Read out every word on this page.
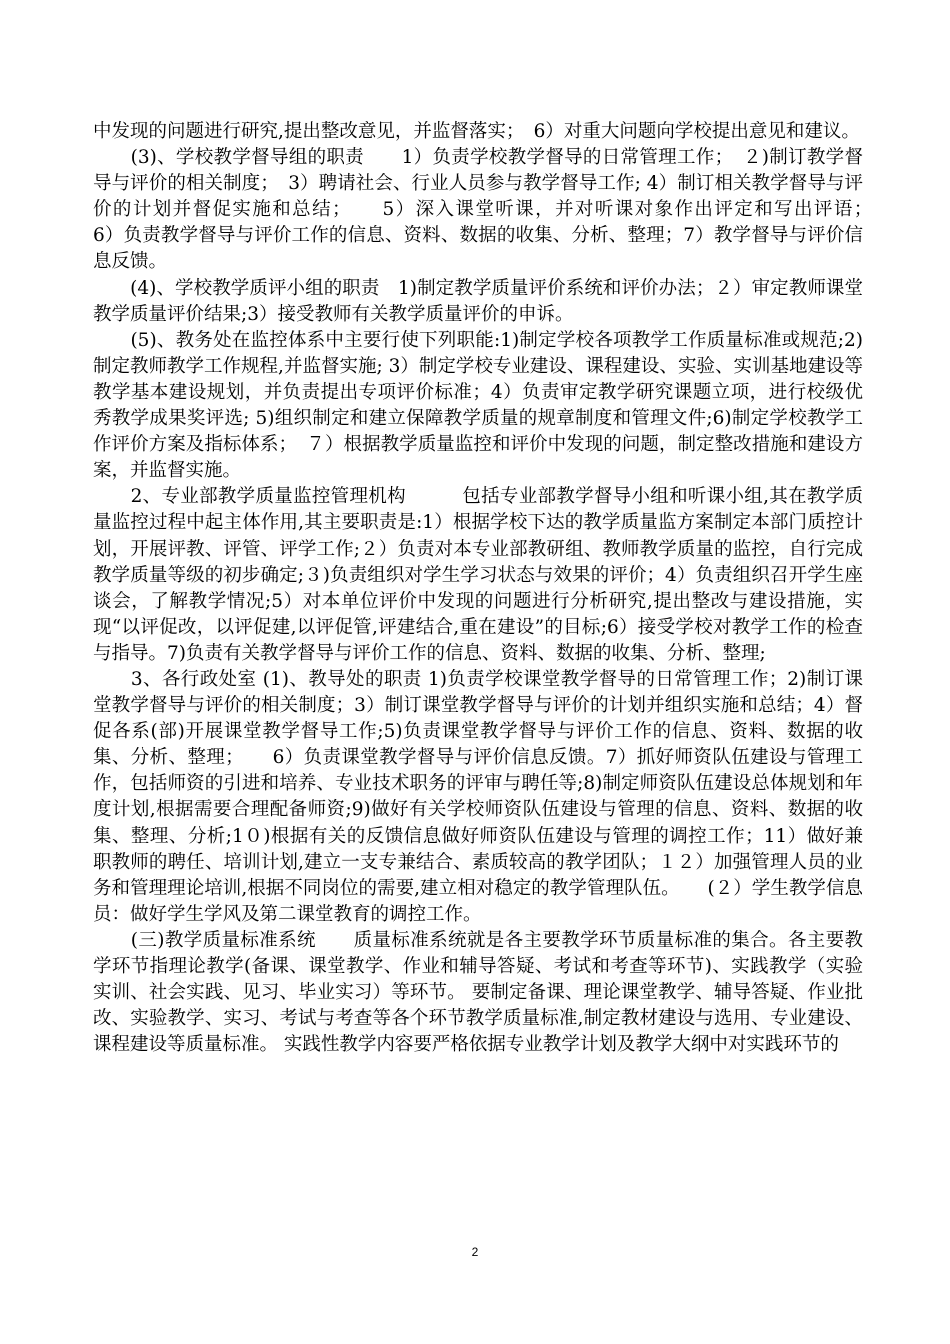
中发现的问题进行研究,提出整改意见，并监督落实；　6）对重大问题向学校提出意见和建议。

　　(3)、学校教学督导组的职责　　1）负责学校教学督导的日常管理工作；　２)制订教学督导与评价的相关制度；　3）聘请社会、行业人员参与教学督导工作; 4）制订相关教学督导与评价的计划并督促实施和总结；　　5）深入课堂听课，并对听课对象作出评定和写出评语；　　6）负责教学督导与评价工作的信息、资料、数据的收集、分析、整理；7）教学督导与评价信息反馈。

　　(4)、学校教学质评小组的职责　1)制定教学质量评价系统和评价办法；２）审定教师课堂教学质量评价结果;3）接受教师有关教学质量评价的申诉。

　　(5)、教务处在监控体系中主要行使下列职能:1)制定学校各项教学工作质量标准或规范;2)制定教师教学工作规程,并监督实施; 3）制定学校专业建设、课程建设、实验、实训基地建设等教学基本建设规划，并负责提出专项评价标准；4）负责审定教学研究课题立项，进行校级优秀教学成果奖评选; 5)组织制定和建立保障教学质量的规章制度和管理文件;6)制定学校教学工作评价方案及指标体系；　７）根据教学质量监控和评价中发现的问题，制定整改措施和建设方案，并监督实施。

　　2、专业部教学质量监控管理机构　　　包括专业部教学督导小组和听课小组,其在教学质量监控过程中起主体作用,其主要职责是:1）根据学校下达的教学质量监方案制定本部门质控计划，开展评教、评管、评学工作;２）负责对本专业部教研组、教师教学质量的监控，自行完成教学质量等级的初步确定;３)负责组织对学生学习状态与效果的评价；4）负责组织召开学生座谈会，了解教学情况;5）对本单位评价中发现的问题进行分析研究,提出整改与建设措施，实现“以评促改，以评促建,以评促管,评建结合,重在建设”的目标;6）接受学校对教学工作的检查与指导。7)负责有关教学督导与评价工作的信息、资料、数据的收集、分析、整理;

　　3、各行政处室 (1)、教导处的职责 1)负责学校课堂教学督导的日常管理工作；2)制订课堂教学督导与评价的相关制度；3）制订课堂教学督导与评价的计划并组织实施和总结；4）督促各系(部)开展课堂教学督导工作;5)负责课堂教学督导与评价工作的信息、资料、数据的收集、分析、整理；　　6）负责课堂教学督导与评价信息反馈。7）抓好师资队伍建设与管理工作，包括师资的引进和培养、专业技术职务的评审与聘任等;8)制定师资队伍建设总体规划和年度计划,根据需要合理配备师资;9)做好有关学校师资队伍建设与管理的信息、资料、数据的收集、整理、分析;1０)根据有关的反馈信息做好师资队伍建设与管理的调控工作；11）做好兼职教师的聘任、培训计划,建立一支专兼结合、素质较高的教学团队；１２）加强管理人员的业务和管理理论培训,根据不同岗位的需要,建立相对稳定的教学管理队伍。　　(２）学生教学信息员：做好学生学风及第二课堂教育的调控工作。

　　(三)教学质量标准系统　　质量标准系统就是各主要教学环节质量标准的集合。各主要教学环节指理论教学(备课、课堂教学、作业和辅导答疑、考试和考查等环节)、实践教学（实验实训、社会实践、见习、毕业实习）等环节。 要制定备课、理论课堂教学、辅导答疑、作业批改、实验教学、实习、考试与考查等各个环节教学质量标准,制定教材建设与选用、专业建设、课程建设等质量标准。 实践性教学内容要严格依据专业教学计划及教学大纲中对实践环节的

2
